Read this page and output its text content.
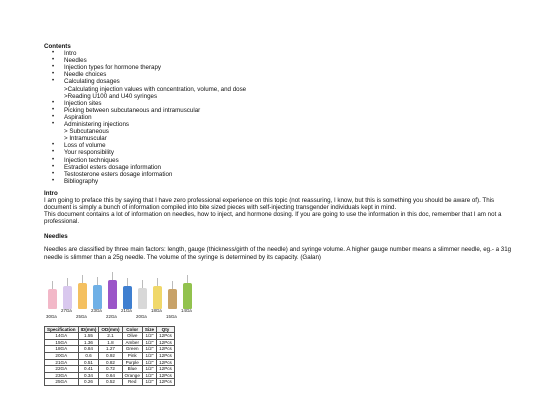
Contents
• Intro
• Needles
• Injection types for hormone therapy
• Needle choices
• Calculating dosages
>Calculating injection values with concentration, volume, and dose
>Reading U100 and U40 syringes
• Injection sites
• Picking between subcutaneous and intramuscular
• Aspiration
• Administering injections
> Subcutaneous
> Intramuscular
• Loss of volume
• Your responsibility
• Injection techniques
• Estradiol esters dosage information
• Testosterone esters dosage information
• Bibliography
Intro

I am going to preface this by saying that I have zero professional experience on this topic (not reassuring, I know, but this is something you should be aware of). This document is simply a bunch of information compiled into bite sized pieces with self-injecting transgender individuals kept in mind.

This document contains a lot of information on needles, how to inject, and hormone dosing. If you are going to use the information in this doc, remember that I am not a professional.

Needles

Needles are classified by three main factors: length, gauge (thickness/girth of the needle) and syringe volume. A higher gauge number means a slimmer needle, eg.- a 31g needle is slimmer than a 25g needle. The volume of the syringe is determined by its capacity. (Galan)

30Ga
27Ga
25Ga
23Ga
22Ga
21Ga
20Ga
18Ga
15Ga
14Ga
Specification	ID(mm)	OD(mm)	Color	Size	Qty
14GA	1.55	2.1	Olive	1/2"	12Pcs
15GA	1.36	1.8	Amber	1/2"	12Pcs
18GA	0.84	1.27	Green	1/2"	12Pcs
20GA	0.6	0.92	Pink	1/2"	12Pcs
21GA	0.51	0.82	Purple	1/2"	12Pcs
22GA	0.41	0.72	Blue	1/2"	12Pcs
23GA	0.34	0.64	Orange	1/2"	12Pcs
25GA	0.26	0.52	Red	1/2"	12Pcs
